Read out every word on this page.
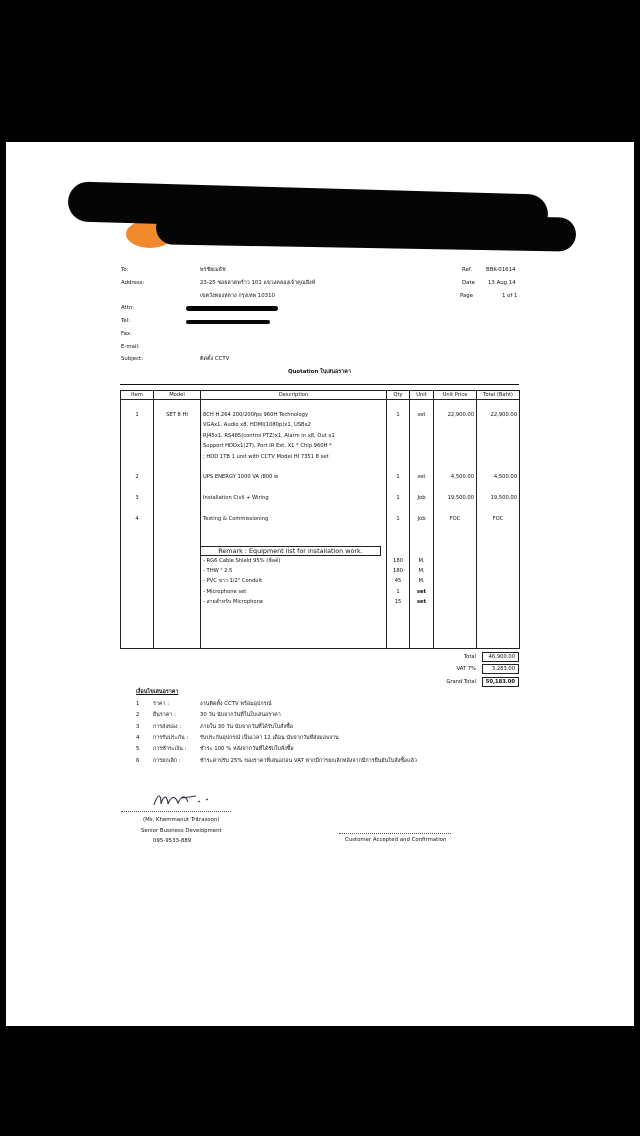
To:	พรชัยเมธัช
Address:	23-25 ซอยลาดพร้าว 101 แขวงคลองเจ้าคุณสิงห์
เขตวังทองหลาง กรุงเทพ 10310
Attn:
Tel:
Fax:
E-mail:
Subject:	ติดตั้ง CCTV
Ref.	BBK-01614
Date 13 Aug 14
Page	1 of 1
Quotation ใบเสนอราคา
Item	Model	Description	Qty	Unit	Unit Price	Total (Baht)

1	SET 8 HI	8CH H.264 200/200fps 960H Technology	1	set	22,900.00	22,900.00
		VGAx1, Audio x8, HDMI(1080p)x1, USBx2				
		RJ45x1, RS485(control PTZ)x1, Alarm in x8, Out x1				
		Support HDDx1(2T), Port IR Ext. X1 * Chip 960H *				
		; HDD 1TB 1 unit with CCTV Model HI 7351 8 set				

2		UPS ENERGY 1000 VA /800 w	1	set	4,500.00	4,500.00

3		Installation Civil + Wiring	1	Job	19,500.00	19,500.00

4		Testing & Commissioning	1	Job	FOC	FOC

		- RG6 Cable Shield 95% (ชีลด์)	180	M.		
		- THW ¹ 2.5	180	M.		
		- PVC ขาว 1/2" Conduit	45	M.		
		- Microphone set	1	set		
		- สายสำหรับ Microphone	15	set		

Remark : Equipment list for installation work.
Total	46,900.00
VAT 7%	3,283.00
Grand Total	50,183.00
เงื่อนไขเสนอราคา
1	ราคา :	งานติดตั้ง CCTV พร้อมอุปกรณ์
2	ยืนราคา :	30 วัน นับจากวันที่ในใบเสนอราคา
3	การส่งของ :	ภายใน 30 วัน นับจากวันที่ได้รับใบสั่งซื้อ
4	การรับประกัน : รับประกันอุปกรณ์ เป็นเวลา 12 เดือน นับจากวันที่ส่งมอบงาน
5	การชำระเงิน :	ชำระ 100 % หลังจากวันที่ได้รับใบสั่งซื้อ
6	การยกเลิก :	ชำระค่าปรับ 25% ของราคาที่เสนอก่อน VAT หากมีการยกเลิกหลังจากมีการยืนยันใบสั่งซื้อแล้ว
(Ms. Khemmanut Tritrasoon)
Senior Business Development
095-9533-889	Customer Accepted and Confirmation
